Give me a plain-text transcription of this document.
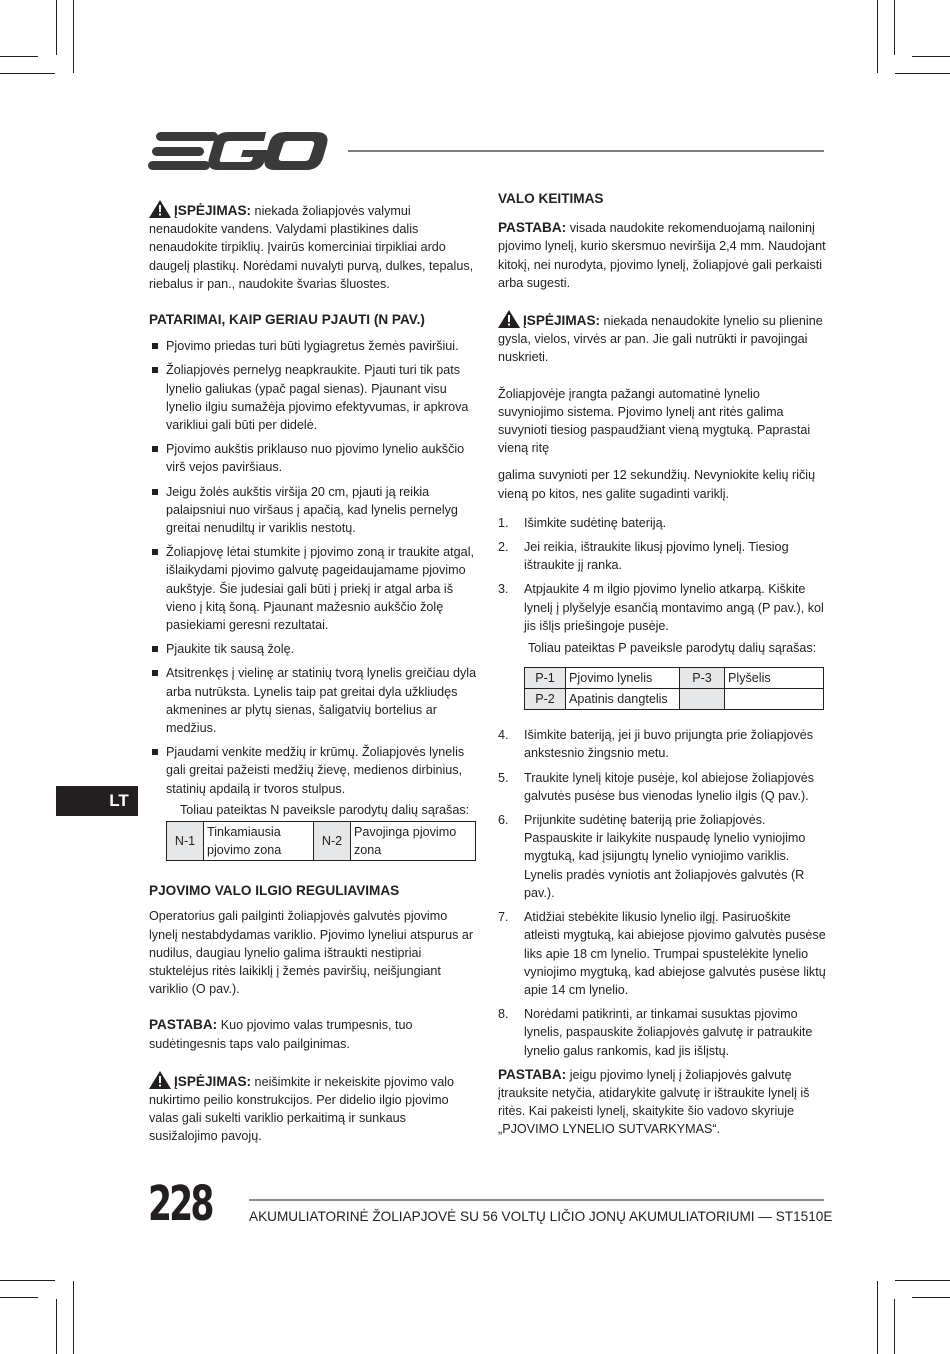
ĮSPĖJIMAS: niekada žoliapjovės valymui nenaudokite vandens. Valydami plastikines dalis nenaudokite tirpiklių. Įvairūs komerciniai tirpikliai ardo daugelį plastikų. Norėdami nuvalyti purvą, dulkes, tepalus, riebalus ir pan., naudokite švarias šluostes.

PATARIMAI, KAIP GERIAU PJAUTI (N PAV.)

Pjovimo priedas turi būti lygiagretus žemės paviršiui.
Žoliapjovės pernelyg neapkraukite. Pjauti turi tik pats lynelio galiukas (ypač pagal sienas). Pjaunant visu lynelio ilgiu sumažėja pjovimo efektyvumas, ir apkrova varikliui gali būti per didelė.
Pjovimo aukštis priklauso nuo pjovimo lynelio aukščio virš vejos paviršiaus.
Jeigu žolės aukštis viršija 20 cm, pjauti ją reikia palaipsniui nuo viršaus į apačią, kad lynelis pernelyg greitai nenudiltų ir variklis nestotų.
Žoliapjovę lėtai stumkite į pjovimo zoną ir traukite atgal, išlaikydami pjovimo galvutę pageidaujamame pjovimo aukštyje. Šie judesiai gali būti į priekį ir atgal arba iš vieno į kitą šoną. Pjaunant mažesnio aukščio žolę pasiekiami geresni rezultatai.
Pjaukite tik sausą žolę.
Atsitrenkęs į vielinę ar statinių tvorą lynelis greičiau dyla arba nutrūksta. Lynelis taip pat greitai dyla užkliudęs akmenines ar plytų sienas, šaligatvių bortelius ar medžius.
Pjaudami venkite medžių ir krūmų. Žoliapjovės lynelis gali greitai pažeisti medžių žievę, medienos dirbinius, statinių apdailą ir tvoros stulpus.

Toliau pateiktas N paveiksle parodytų dalių sąrašas:

N-1	Tinkamiausia pjovimo zona	N-2	Pavojinga pjovimo zona

PJOVIMO VALO ILGIO REGULIAVIMAS

Operatorius gali pailginti žoliapjovės galvutės pjovimo lynelį nestabdydamas variklio. Pjovimo lyneliui atspurus ar nudilus, daugiau lynelio galima ištraukti nestipriai stuktelėjus ritės laikiklį į žemės paviršių, neišjungiant variklio (O pav.).

PASTABA: Kuo pjovimo valas trumpesnis, tuo sudėtingesnis taps valo pailginimas.

ĮSPĖJIMAS: neišimkite ir nekeiskite pjovimo valo nukirtimo peilio konstrukcijos. Per didelio ilgio pjovimo valas gali sukelti variklio perkaitimą ir sunkaus susižalojimo pavojų.

VALO KEITIMAS

PASTABA: visada naudokite rekomenduojamą nailoninį pjovimo lynelį, kurio skersmuo neviršija 2,4 mm. Naudojant kitokį, nei nurodyta, pjovimo lynelį, žoliapjovė gali perkaisti arba sugesti.

ĮSPĖJIMAS: niekada nenaudokite lynelio su plienine gysla, vielos, virvės ar pan. Jie gali nutrūkti ir pavojingai nuskrieti.

Žoliapjovėje įrangta pažangi automatinė lynelio suvyniojimo sistema. Pjovimo lynelį ant ritės galima suvynioti tiesiog paspaudžiant vieną mygtuką. Paprastai vieną ritę

galima suvynioti per 12 sekundžių. Nevyniokite kelių ričių vieną po kitos, nes galite sugadinti variklį.

1. Išimkite sudėtinę bateriją.
2. Jei reikia, ištraukite likusį pjovimo lynelį. Tiesiog ištraukite jį ranka.
3. Atpjaukite 4 m ilgio pjovimo lynelio atkarpą. Kiškite lynelį į plyšelyje esančią montavimo angą (P pav.), kol jis išlįs priešingoje pusėje.

Toliau pateiktas P paveiksle parodytų dalių sąrašas:

P-1	Pjovimo lynelis	P-3	Plyšelis
P-2	Apatinis dangtelis		
4. Išimkite bateriją, jei ji buvo prijungta prie žoliapjovės ankstesnio žingsnio metu.
5. Traukite lynelį kitoje pusėje, kol abiejose žoliapjovės galvutės pusėse bus vienodas lynelio ilgis (Q pav.).
6. Prijunkite sudėtinę bateriją prie žoliapjovės. Paspauskite ir laikykite nuspaudę lynelio vyniojimo mygtuką, kad įsijungtų lynelio vyniojimo variklis. Lynelis pradės vyniotis ant žoliapjovės galvutės (R pav.).
7. Atidžiai stebėkite likusio lynelio ilgį. Pasiruoškite atleisti mygtuką, kai abiejose pjovimo galvutės pusėse liks apie 18 cm lynelio. Trumpai spustelėkite lynelio vyniojimo mygtuką, kad abiejose galvutės pusėse liktų apie 14 cm lynelio.
8. Norėdami patikrinti, ar tinkamai susuktas pjovimo lynelis, paspauskite žoliapjovės galvutę ir patraukite lynelio galus rankomis, kad jis išlįstų.

PASTABA: jeigu pjovimo lynelį į žoliapjovės galvutę įtrauksite netyčia, atidarykite galvutę ir ištraukite lynelį iš ritės. Kai pakeisti lynelį, skaitykite šio vadovo skyriuje „PJOVIMO LYNELIO SUTVARKYMAS“.

LT
228	AKUMULIATORINĖ ŽOLIAPJOVĖ SU 56 VOLTŲ LIČIO JONŲ AKUMULIATORIUMI — ST1510E
